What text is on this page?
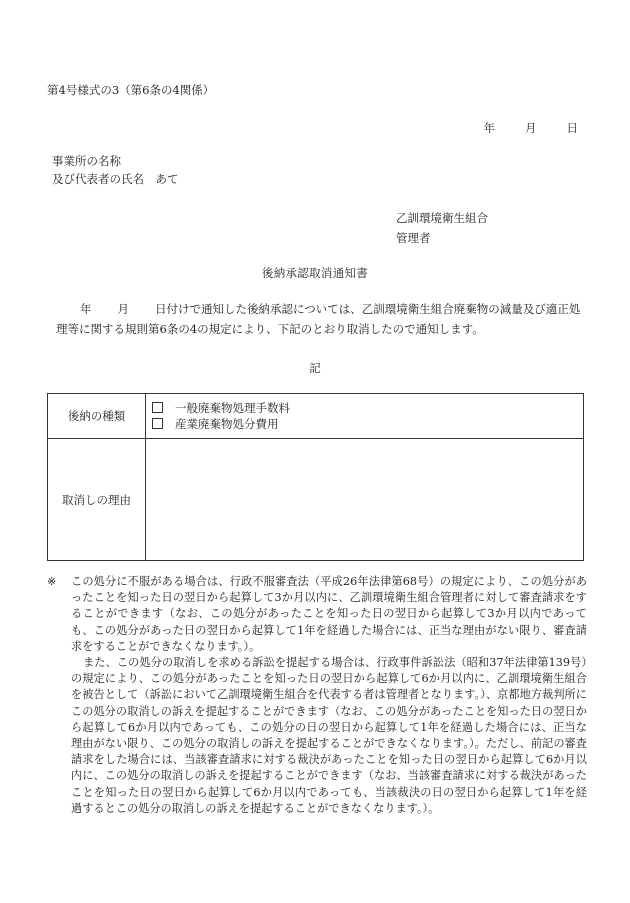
第4号様式の3（第6条の4関係）
年	月	日
事業所の名称
及び代表者の氏名　あて
乙訓環境衛生組合
管理者
後納承認取消通知書
年 月 日付けで通知した後納承認については、乙訓環境衛生組合廃棄物の減量及び適正処理等に関する規則第6条の4の規定により、下記のとおり取消したので通知します。
記
後納の種類	一般廃棄物処理手数料
産業廃棄物処分費用

取消しの理由	
※	この処分に不服がある場合は、行政不服審査法（平成26年法律第68号）の規定により、この処分があったことを知った日の翌日から起算して3か月以内に、乙訓環境衛生組合管理者に対して審査請求をすることができます（なお、この処分があったことを知った日の翌日から起算して3か月以内であっても、この処分があった日の翌日から起算して1年を経過した場合には、正当な理由がない限り、審査請求をすることができなくなります。）。
また、この処分の取消しを求める訴訟を提起する場合は、行政事件訴訟法（昭和37年法律第139号）の規定により、この処分があったことを知った日の翌日から起算して6か月以内に、乙訓環境衛生組合を被告として（訴訟において乙訓環境衛生組合を代表する者は管理者となります。）、京都地方裁判所にこの処分の取消しの訴えを提起することができます（なお、この処分があったことを知った日の翌日から起算して6か月以内であっても、この処分の日の翌日から起算して1年を経過した場合には、正当な理由がない限り、この処分の取消しの訴えを提起することができなくなります。）。ただし、前記の審査請求をした場合には、当該審査請求に対する裁決があったことを知った日の翌日から起算して6か月以内に、この処分の取消しの訴えを提起することができます（なお、当該審査請求に対する裁決があったことを知った日の翌日から起算して6か月以内であっても、当該裁決の日の翌日から起算して1年を経過するとこの処分の取消しの訴えを提起することができなくなります。）。
